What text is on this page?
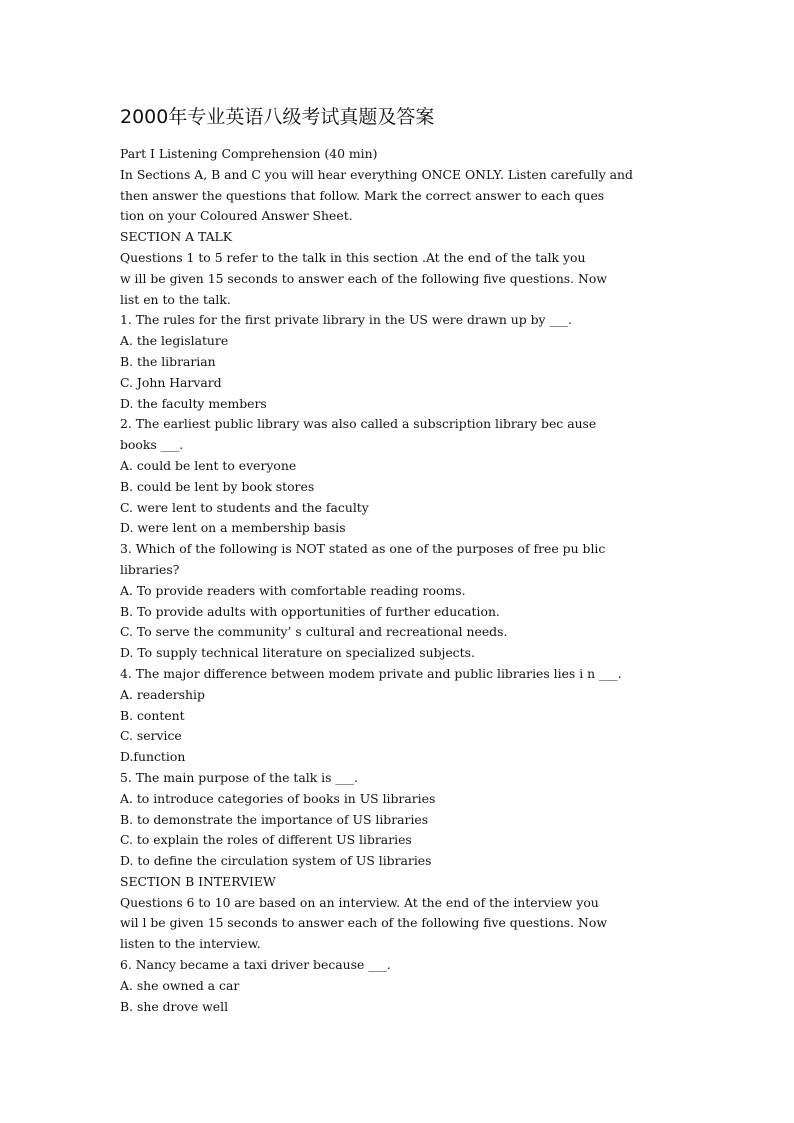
2000年专业英语八级考试真题及答案
Part Ⅰ Listening Comprehension (40 min)
In Sections A, B and C you will hear everything ONCE ONLY. Listen carefully and
then answer the questions that follow. Mark the correct answer to each ques
tion on your Coloured Answer Sheet.
SECTION A TALK
Questions 1 to 5 refer to the talk in this section .At the end of the talk you
w ill be given 15 seconds to answer each of the following five questions. Now
list en to the talk.
1. The rules for the first private library in the US were drawn up by ___.
A. the legislature
B. the librarian
C. John Harvard
D. the faculty members
2. The earliest public library was also called a subscription library bec ause
books ___.
A. could be lent to everyone
B. could be lent by book stores
C. were lent to students and the faculty
D. were lent on a membership basis
3. Which of the following is NOT stated as one of the purposes of free pu blic
libraries?
A. To provide readers with comfortable reading rooms.
B. To provide adults with opportunities of further education.
C. To serve the community’ s cultural and recreational needs.
D. To supply technical literature on specialized subjects.
4. The major difference between modem private and public libraries lies i n ___.
A. readership
B. content
C. service
D.function
5. The main purpose of the talk is ___.
A. to introduce categories of books in US libraries
B. to demonstrate the importance of US libraries
C. to explain the roles of different US libraries
D. to define the circulation system of US libraries
SECTION B INTERVIEW
Questions 6 to 10 are based on an interview. At the end of the interview you
wil l be given 15 seconds to answer each of the following five questions. Now
listen to the interview.
6. Nancy became a taxi driver because ___.
A. she owned a car
B. she drove well
